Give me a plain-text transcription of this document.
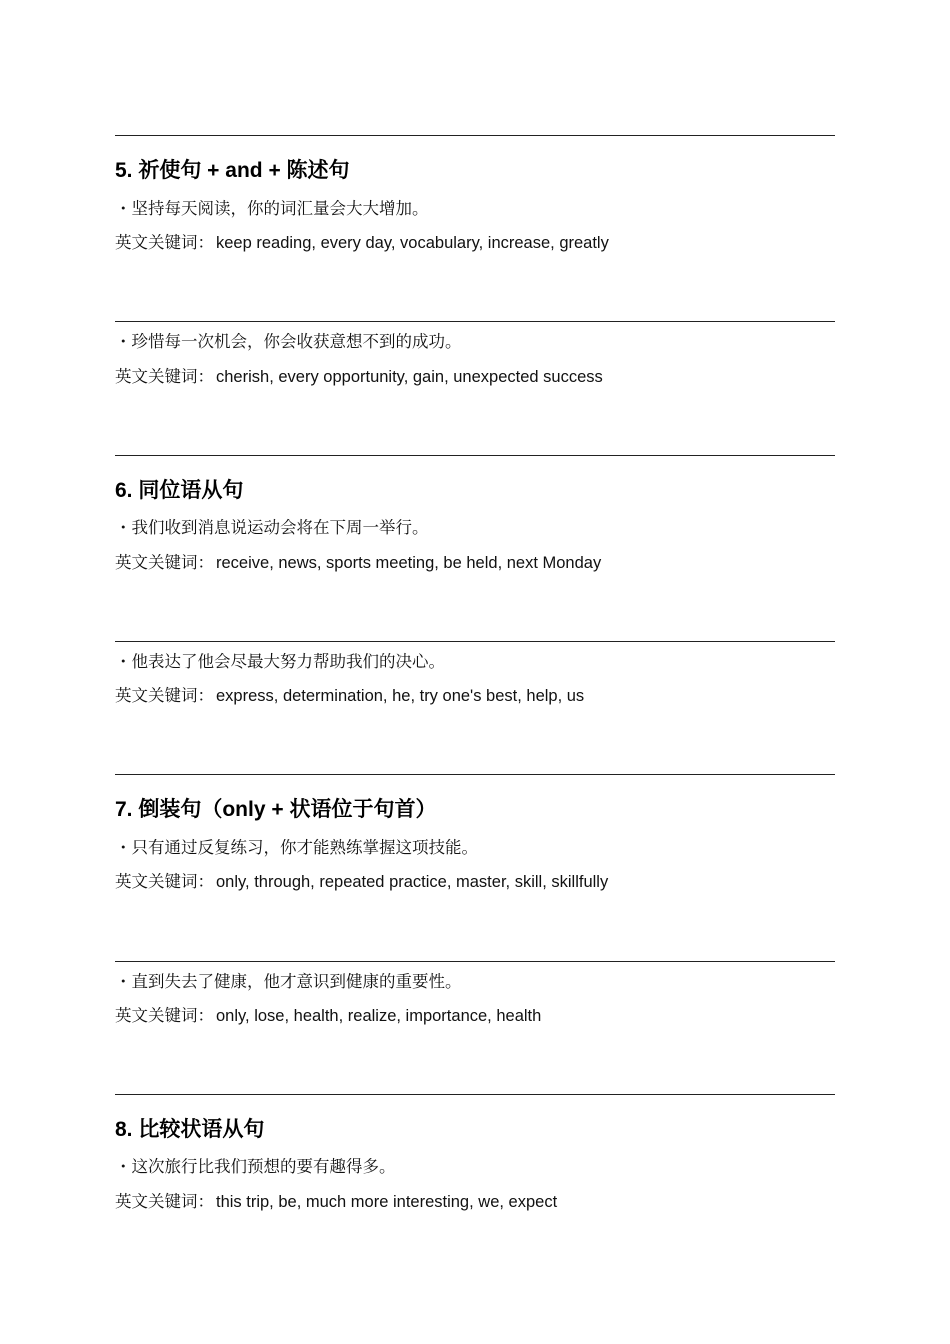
5. 祈使句 + and + 陈述句
・坚持每天阅读，你的词汇量会大大增加。
英文关键词： keep reading, every day, vocabulary, increase, greatly
・珍惜每一次机会，你会收获意想不到的成功。
英文关键词： cherish, every opportunity, gain, unexpected success
6. 同位语从句
・我们收到消息说运动会将在下周一举行。
英文关键词： receive, news, sports meeting, be held, next Monday
・他表达了他会尽最大努力帮助我们的决心。
英文关键词： express, determination, he, try one's best, help, us
7. 倒装句（only + 状语位于句首）
・只有通过反复练习，你才能熟练掌握这项技能。
英文关键词： only, through, repeated practice, master, skill, skillfully
・直到失去了健康，他才意识到健康的重要性。
英文关键词： only, lose, health, realize, importance, health
8. 比较状语从句
・这次旅行比我们预想的要有趣得多。
英文关键词： this trip, be, much more interesting, we, expect
